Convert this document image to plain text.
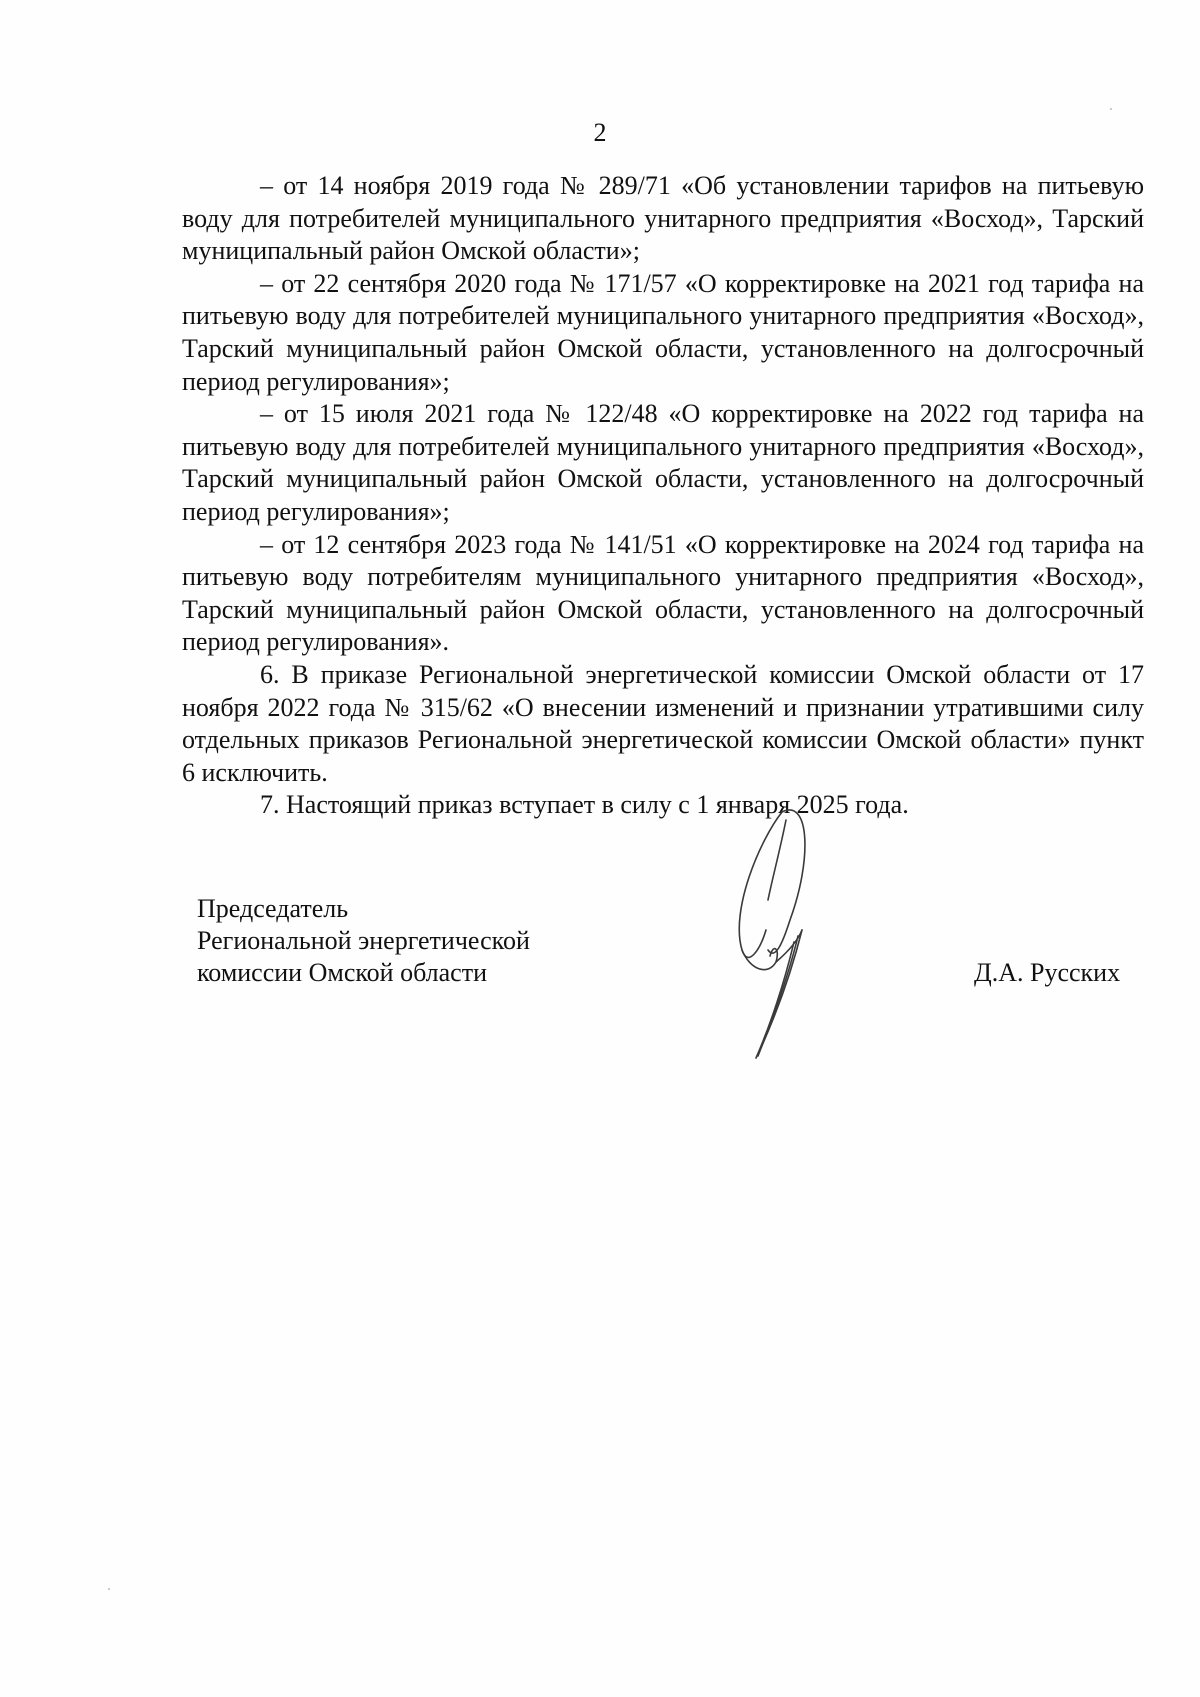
2

– от 14 ноября 2019 года № 289/71 «Об установлении тарифов на питьевую воду для потребителей муниципального унитарного предприятия «Восход», Тарский муниципальный район Омской области»;

– от 22 сентября 2020 года № 171/57 «О корректировке на 2021 год тарифа на питьевую воду для потребителей муниципального унитарного предприятия «Восход», Тарский муниципальный район Омской области, установленного на долгосрочный период регулирования»;

– от 15 июля 2021 года № 122/48 «О корректировке на 2022 год тарифа на питьевую воду для потребителей муниципального унитарного предприятия «Восход», Тарский муниципальный район Омской области, установленного на долгосрочный период регулирования»;

– от 12 сентября 2023 года № 141/51 «О корректировке на 2024 год тарифа на питьевую воду потребителям муниципального унитарного предприятия «Восход», Тарский муниципальный район Омской области, установленного на долгосрочный период регулирования».

6. В приказе Региональной энергетической комиссии Омской области от 17 ноября 2022 года № 315/62 «О внесении изменений и признании утратившими силу отдельных приказов Региональной энергетической комиссии Омской области» пункт 6 исключить.

7. Настоящий приказ вступает в силу с 1 января 2025 года.

Председатель
Региональной энергетической
комиссии Омской области	Д.А. Русских
